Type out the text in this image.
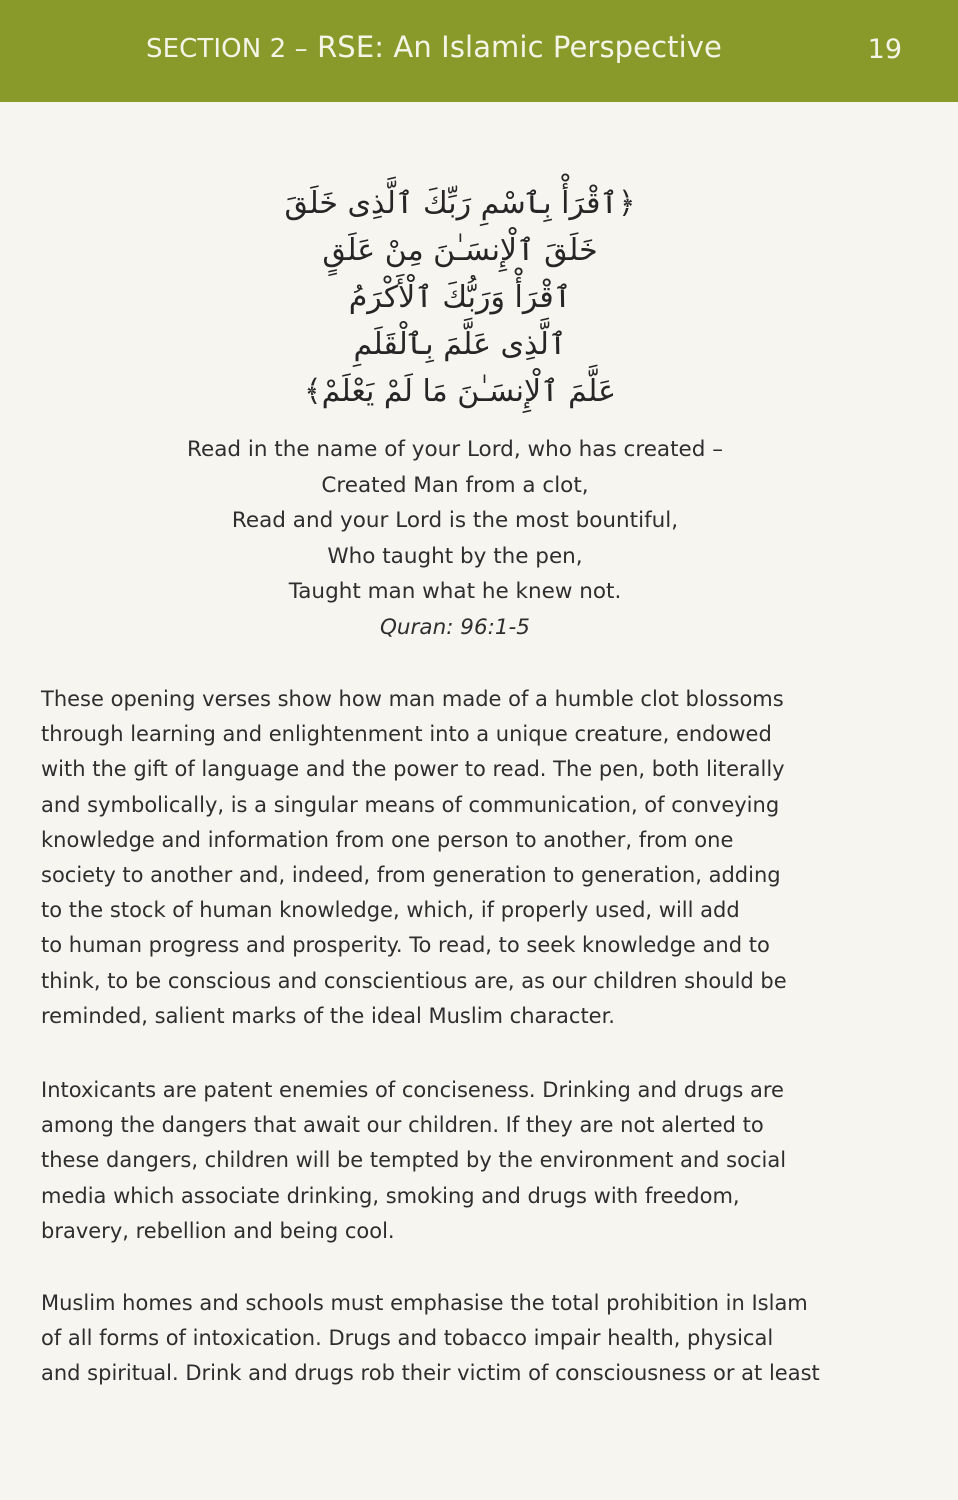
SECTION 2 – RSE: An Islamic Perspective	19
﴿ٱقْرَأْ بِٱسْمِ رَبِّكَ ٱلَّذِى خَلَقَ
خَلَقَ ٱلْإِنسَـٰنَ مِنْ عَلَقٍ
ٱقْرَأْ وَرَبُّكَ ٱلْأَكْرَمُ
ٱلَّذِى عَلَّمَ بِٱلْقَلَمِ
عَلَّمَ ٱلْإِنسَـٰنَ مَا لَمْ يَعْلَمْ﴾
Read in the name of your Lord, who has created –
Created Man from a clot,
Read and your Lord is the most bountiful,
Who taught by the pen,
Taught man what he knew not.
Quran: 96:1-5
These opening verses show how man made of a humble clot blossoms
through learning and enlightenment into a unique creature, endowed
with the gift of language and the power to read. The pen, both literally
and symbolically, is a singular means of communication, of conveying
knowledge and information from one person to another, from one
society to another and, indeed, from generation to generation, adding
to the stock of human knowledge, which, if properly used, will add
to human progress and prosperity. To read, to seek knowledge and to
think, to be conscious and conscientious are, as our children should be
reminded, salient marks of the ideal Muslim character.
Intoxicants are patent enemies of conciseness. Drinking and drugs are
among the dangers that await our children. If they are not alerted to
these dangers, children will be tempted by the environment and social
media which associate drinking, smoking and drugs with freedom,
bravery, rebellion and being cool.
Muslim homes and schools must emphasise the total prohibition in Islam
of all forms of intoxication. Drugs and tobacco impair health, physical
and spiritual. Drink and drugs rob their victim of consciousness or at least
